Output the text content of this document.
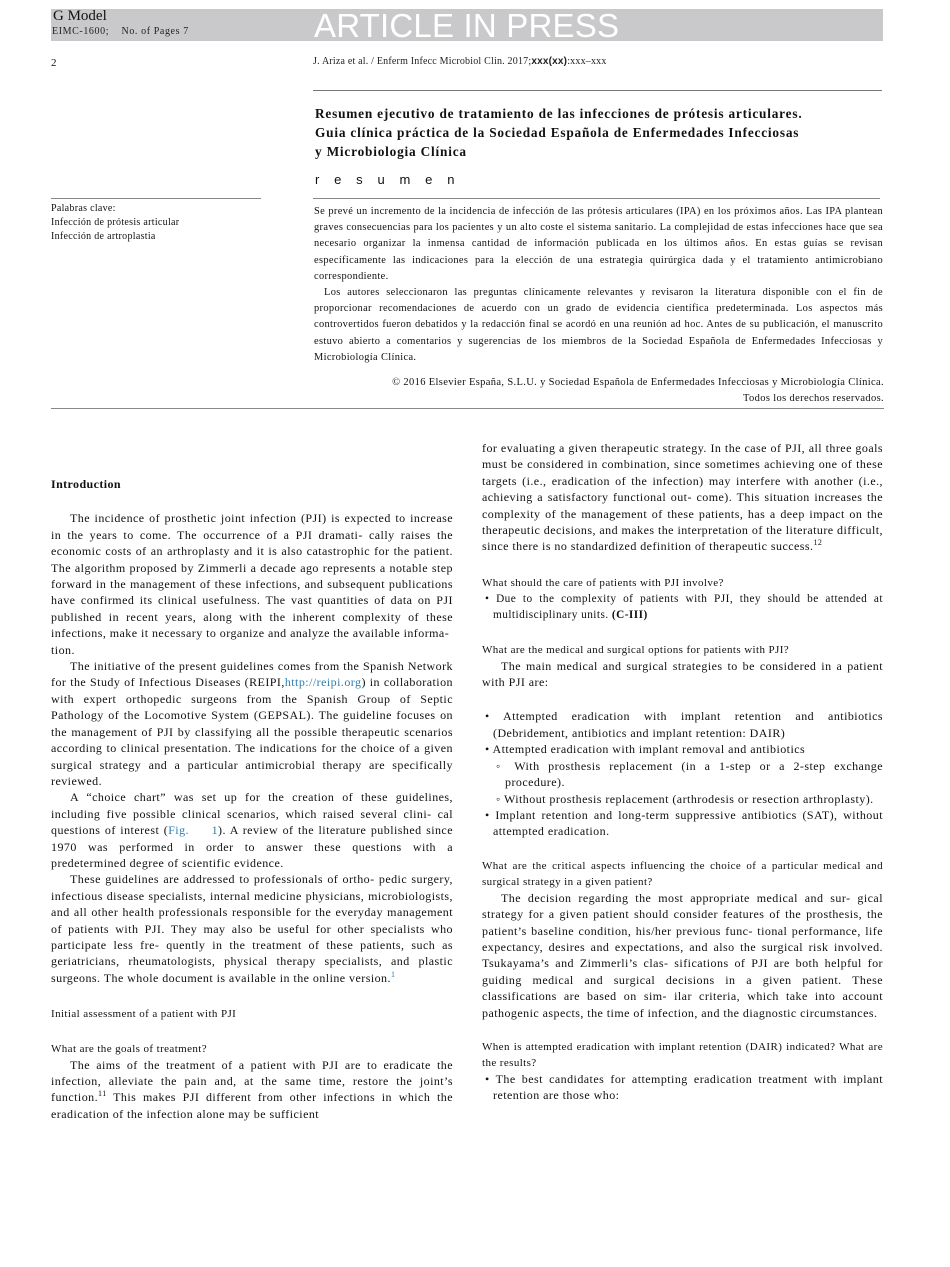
G Model
EIMC-1600;    No. of Pages 7	ARTICLE IN PRESS
2	J. Ariza et al. / Enferm Infecc Microbiol Clin. 2017;xxx(xx):xxx–xxx
Resumen ejecutivo de tratamiento de las infecciones de prótesis articulares.
Guia clínica práctica de la Sociedad Española de Enfermedades Infecciosas
y Microbiologia Clínica
r e s u m e n
Palabras clave:
Infección de prótesis articular
Infección de artroplastia

Se prevé un incremento de la incidencia de infección de las prótesis articulares (IPA) en los próximos años. Las IPA plantean graves consecuencias para los pacientes y un alto coste el sistema sanitario. La complejidad de estas infecciones hace que sea necesario organizar la inmensa cantidad de información publicada en los últimos años. En estas guías se revisan específicamente las indicaciones para la elección de una estrategia quirúrgica dada y el tratamiento antimicrobiano correspondiente.

Los autores seleccionaron las preguntas clínicamente relevantes y revisaron la literatura disponible con el fin de proporcionar recomendaciones de acuerdo con un grado de evidencia científica predeterminada. Los aspectos más controvertidos fueron debatidos y la redacción final se acordó en una reunión ad hoc. Antes de su publicación, el manuscrito estuvo abierto a comentarios y sugerencias de los miembros de la Sociedad Española de Enfermedades Infecciosas y Microbiología Clínica.

© 2016 Elsevier España, S.L.U. y Sociedad Española de Enfermedades Infecciosas y Microbiología Clínica.
Todos los derechos reservados.

Introduction

The incidence of prosthetic joint infection (PJI) is expected to increase in the years to come. The occurrence of a PJI dramati- cally raises the economic costs of an arthroplasty and it is also catastrophic for the patient. The algorithm proposed by Zimmerli a decade ago represents a notable step forward in the management of these infections, and subsequent publications have confirmed its clinical usefulness. The vast quantities of data on PJI published in recent years, along with the inherent complexity of these infections, make it necessary to organize and analyze the available informa-

tion.

The initiative of the present guidelines comes from the Spanish Network for the Study of Infectious Diseases (REIPI,http://reipi.org) in collaboration with expert orthopedic surgeons from the Spanish Group of Septic Pathology of the Locomotive System (GEPSAL). The guideline focuses on the management of PJI by classifying all the possible therapeutic scenarios according to clinical presentation. The indications for the choice of a given surgical strategy and a particular antimicrobial therapy are specifically reviewed.

A “choice chart” was set up for the creation of these guidelines, including five possible clinical scenarios, which raised several clini- cal questions of interest (Fig.     1). A review of the literature published since 1970 was performed in order to answer these questions with a predetermined degree of scientific evidence.

These guidelines are addressed to professionals of ortho- pedic surgery, infectious disease specialists, internal medicine physicians, microbiologists, and all other health professionals responsible for the everyday management of patients with PJI. They may also be useful for other specialists who participate less fre- quently in the treatment of these patients, such as geriatricians, rheumatologists, physical therapy specialists, and plastic surgeons. The whole document is available in the online version.$^1$

Initial assessment of a patient with PJI

What are the goals of treatment?

The aims of the treatment of a patient with PJI are to eradicate the infection, alleviate the pain and, at the same time, restore the joint’s function.$^{11}$ This makes PJI different from other infections in which the eradication of the infection alone may be sufficient

for evaluating a given therapeutic strategy. In the case of PJI, all three goals must be considered in combination, since sometimes achieving one of these targets (i.e., eradication of the infection) may interfere with another (i.e., achieving a satisfactory functional out- come). This situation increases the complexity of the management of these patients, has a deep impact on the therapeutic decisions, and makes the interpretation of the literature difficult, since there is no standardized definition of therapeutic success.$^{12}$

What should the care of patients with PJI involve?

• Due to the complexity of patients with PJI, they should be attended at multidisciplinary units. (C-III)

What are the medical and surgical options for patients with PJI?

The main medical and surgical strategies to be considered in a patient with PJI are:

• Attempted eradication with implant retention and antibiotics (Debridement, antibiotics and implant retention: DAIR)

• Attempted eradication with implant removal and antibiotics

◦ With prosthesis replacement (in a 1-step or a 2-step exchange procedure).

◦ Without prosthesis replacement (arthrodesis or resection arthroplasty).

• Implant retention and long-term suppressive antibiotics (SAT), without attempted eradication.

What are the critical aspects influencing the choice of a particular medical and surgical strategy in a given patient?

The decision regarding the most appropriate medical and sur- gical strategy for a given patient should consider features of the prosthesis, the patient’s baseline condition, his/her previous func- tional performance, life expectancy, desires and expectations, and also the surgical risk involved. Tsukayama’s and Zimmerli’s clas- sifications of PJI are both helpful for guiding medical and surgical decisions in a given patient. These classifications are based on sim- ilar criteria, which take into account pathogenic aspects, the time of infection, and the diagnostic circumstances.

When is attempted eradication with implant retention (DAIR) indicated? What are the results?

• The best candidates for attempting eradication treatment with implant retention are those who:
